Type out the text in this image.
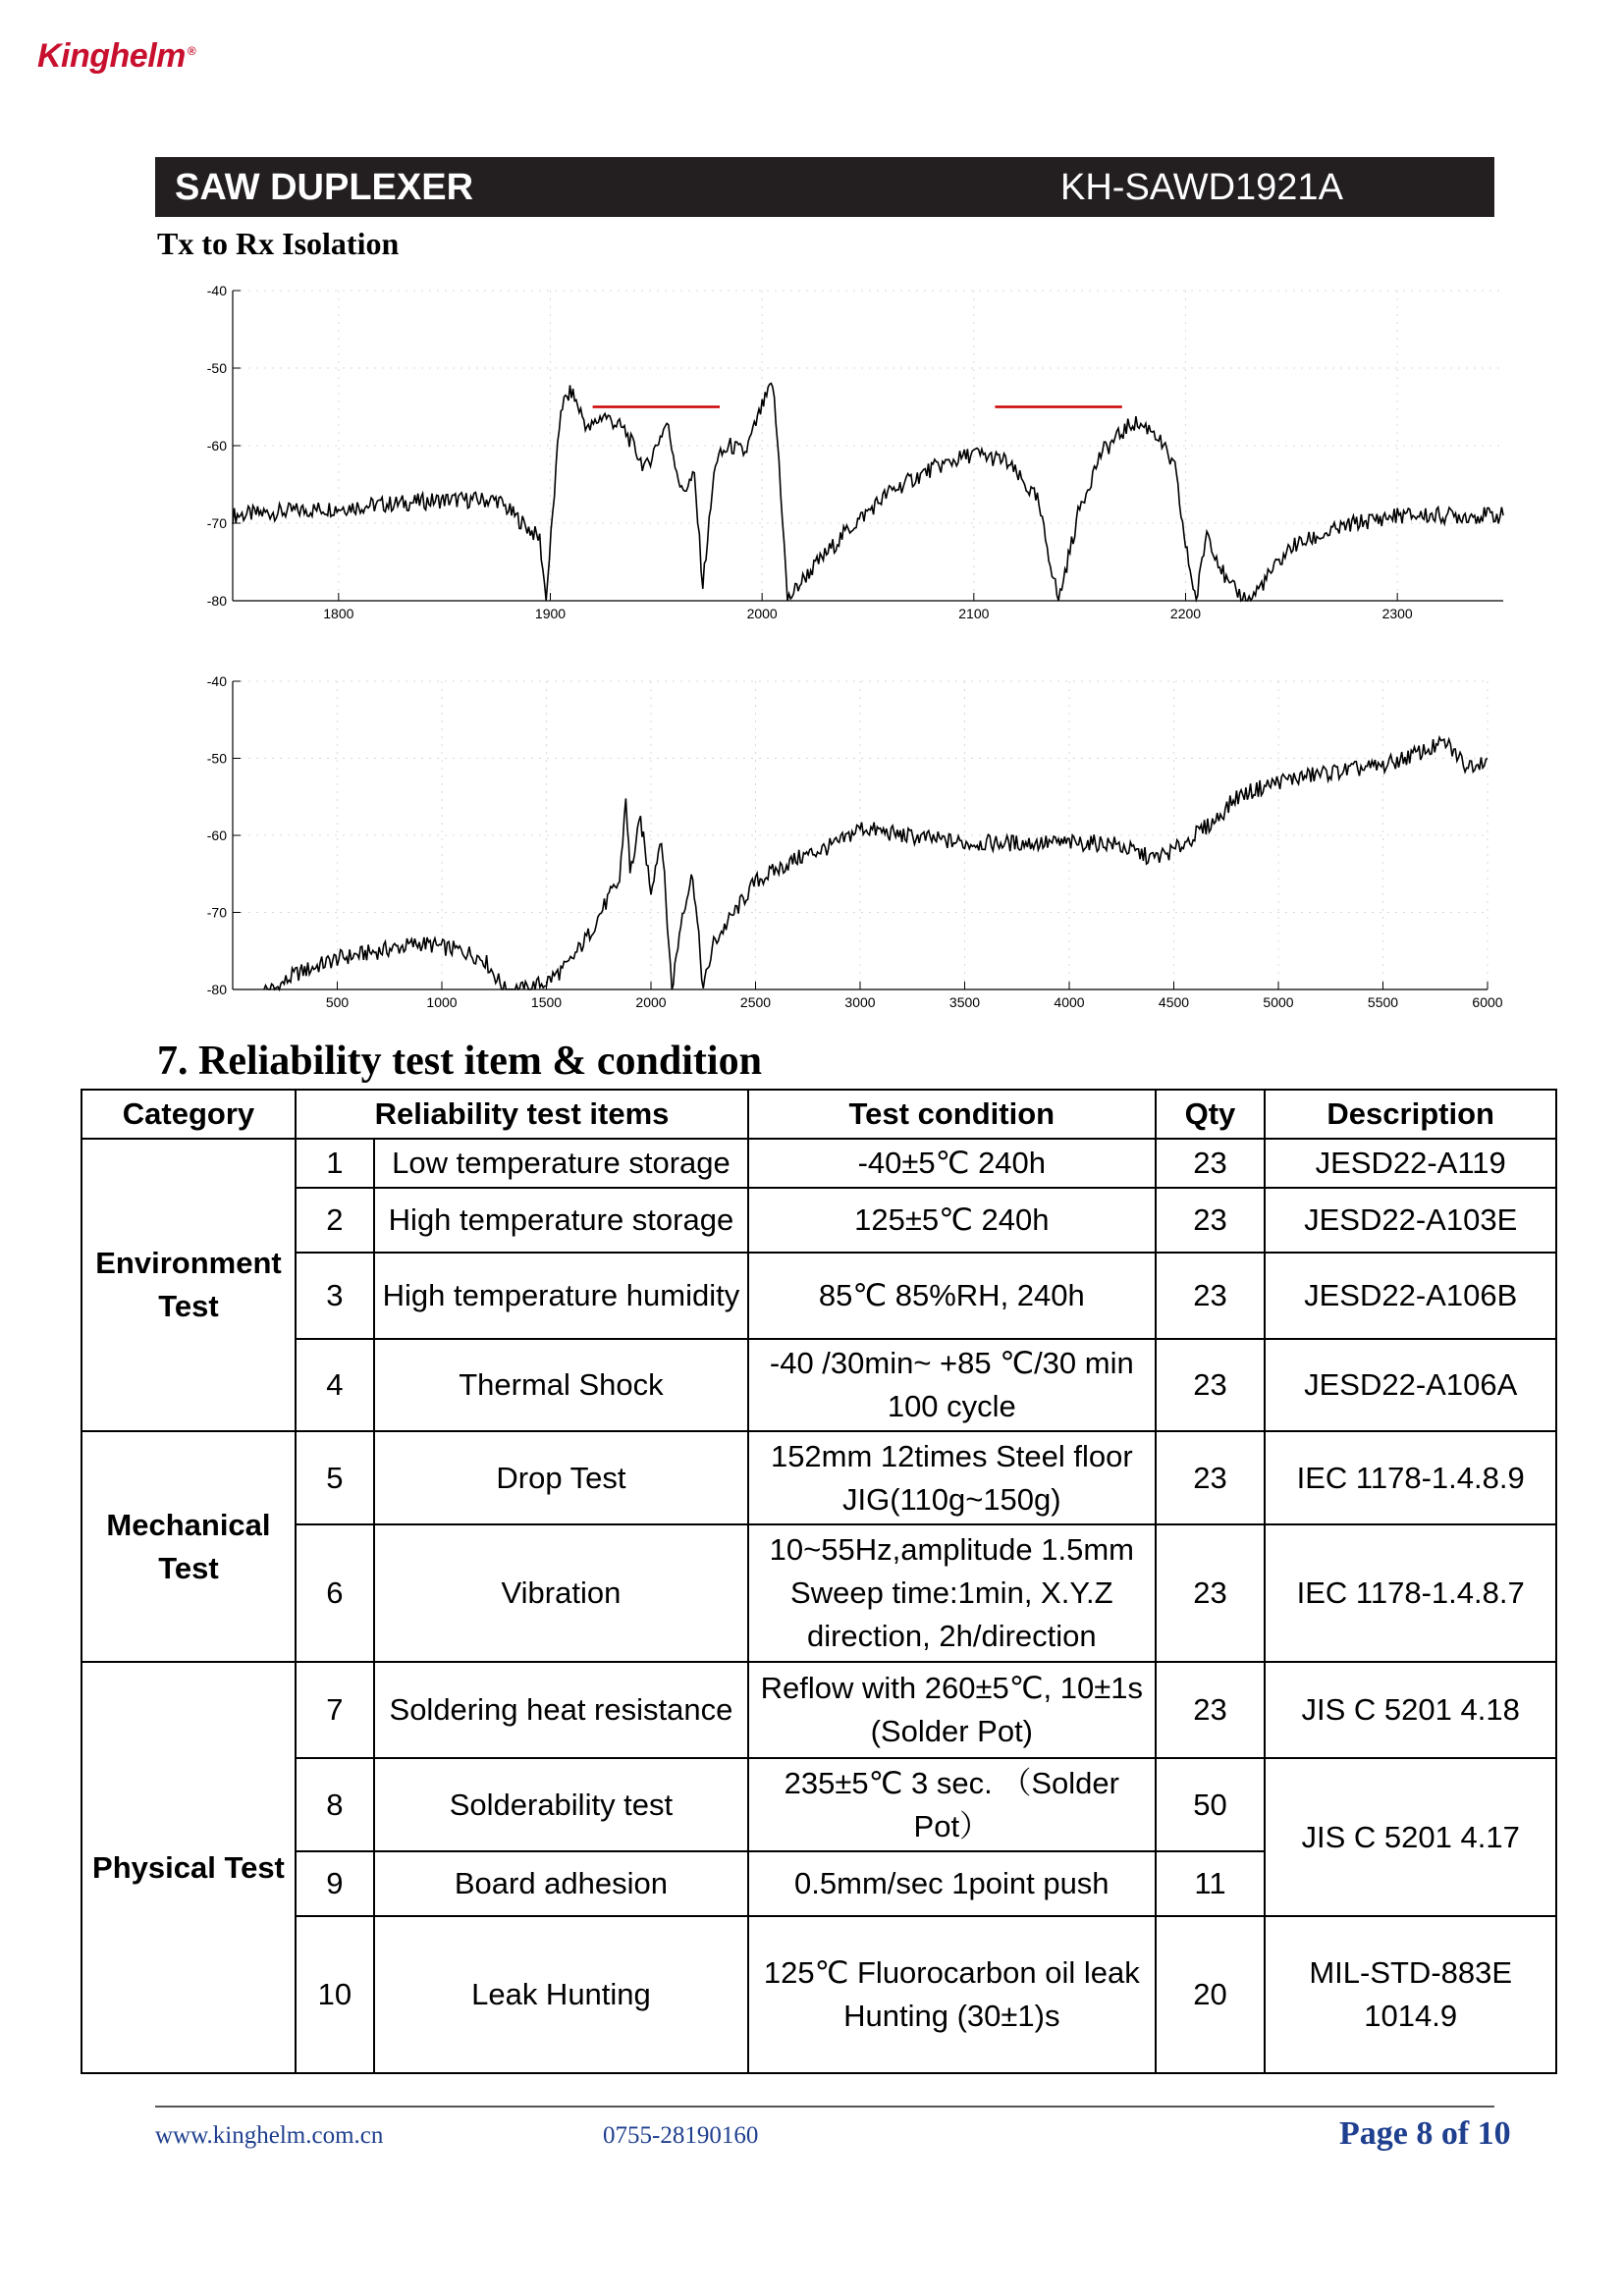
Kinghelm ®
SAW DUPLEXER	KH-SAWD1921A
Tx to Rx Isolation
-40
-50
-60
-70
-80
1800	1900	2000	2100	2200	2300
-40
-50
-60
-70
-80
500	1000	1500	2000	2500	3000	3500	4000	4500	5000	5500	6000
7. Reliability test item & condition
Category	Reliability test items		Test condition	Qty	Description
Environment Test	1	Low temperature storage	-40±5℃ 240h	23	JESD22-A119
	2	High temperature storage	125±5℃ 240h	23	JESD22-A103E
	3	High temperature humidity	85℃ 85%RH, 240h	23	JESD22-A106B
	4	Thermal Shock	-40 /30min~ +85 ℃/30 min 100 cycle	23	JESD22-A106A
Mechanical Test	5	Drop Test	152mm 12times Steel floor JIG(110g~150g)	23	IEC 1178-1.4.8.9
	6	Vibration	10~55Hz,amplitude 1.5mm Sweep time:1min, X.Y.Z direction, 2h/direction	23	IEC 1178-1.4.8.7
Physical Test	7	Soldering heat resistance	Reflow with 260±5℃, 10±1s (Solder Pot)	23	JIS C 5201 4.18
	8	Solderability test	235±5℃ 3 sec. （Solder Pot）	50	JIS C 5201 4.17
	9	Board adhesion	0.5mm/sec 1point push	11	
	10	Leak Hunting	125℃ Fluorocarbon oil leak Hunting (30±1)s	20	MIL-STD-883E 1014.9
www.kinghelm.com.cn	0755-28190160	Page 8 of 10
